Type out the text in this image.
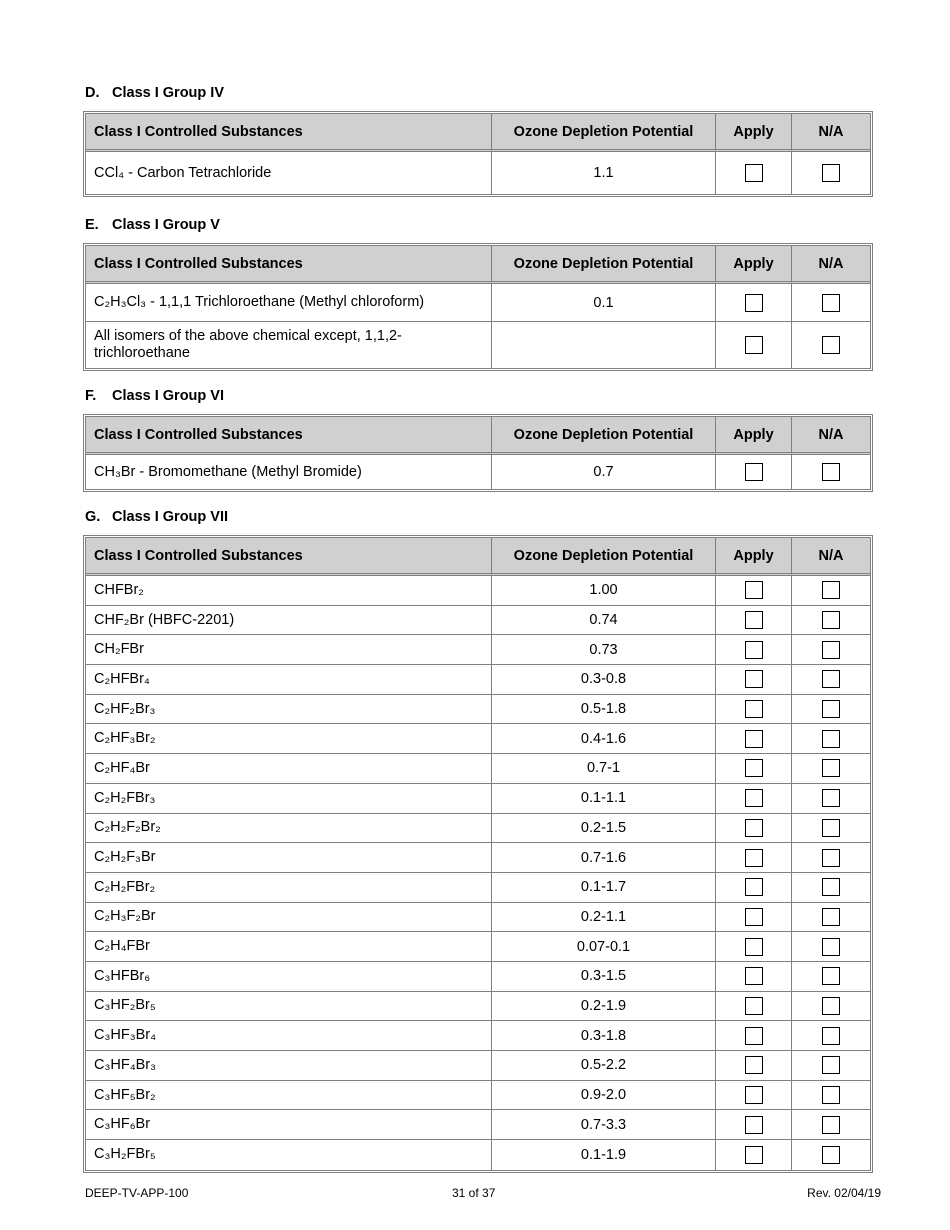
D. Class I Group IV
Class I Controlled Substances	Ozone Depletion Potential	Apply	N/A
CCl₄ - Carbon Tetrachloride	1.1		
E. Class I Group V
Class I Controlled Substances	Ozone Depletion Potential	Apply	N/A
C₂H₃Cl₃ - 1,1,1 Trichloroethane (Methyl chloroform)	0.1		
All isomers of the above chemical except, 1,1,2-trichloroethane			
F. Class I Group VI
Class I Controlled Substances	Ozone Depletion Potential	Apply	N/A
CH₃Br - Bromomethane (Methyl Bromide)	0.7		
G. Class I Group VII
Class I Controlled Substances	Ozone Depletion Potential	Apply	N/A
CHFBr₂	1.00		
CHF₂Br (HBFC-2201)	0.74		
CH₂FBr	0.73		
C₂HFBr₄	0.3-0.8		
C₂HF₂Br₃	0.5-1.8		
C₂HF₃Br₂	0.4-1.6		
C₂HF₄Br	0.7-1		
C₂H₂FBr₃	0.1-1.1		
C₂H₂F₂Br₂	0.2-1.5		
C₂H₂F₃Br	0.7-1.6		
C₂H₂FBr₂	0.1-1.7		
C₂H₃F₂Br	0.2-1.1		
C₂H₄FBr	0.07-0.1		
C₃HFBr₆	0.3-1.5		
C₃HF₂Br₅	0.2-1.9		
C₃HF₃Br₄	0.3-1.8		
C₃HF₄Br₃	0.5-2.2		
C₃HF₅Br₂	0.9-2.0		
C₃HF₆Br	0.7-3.3		
C₃H₂FBr₅	0.1-1.9		
DEEP-TV-APP-100	31 of 37	Rev. 02/04/19
